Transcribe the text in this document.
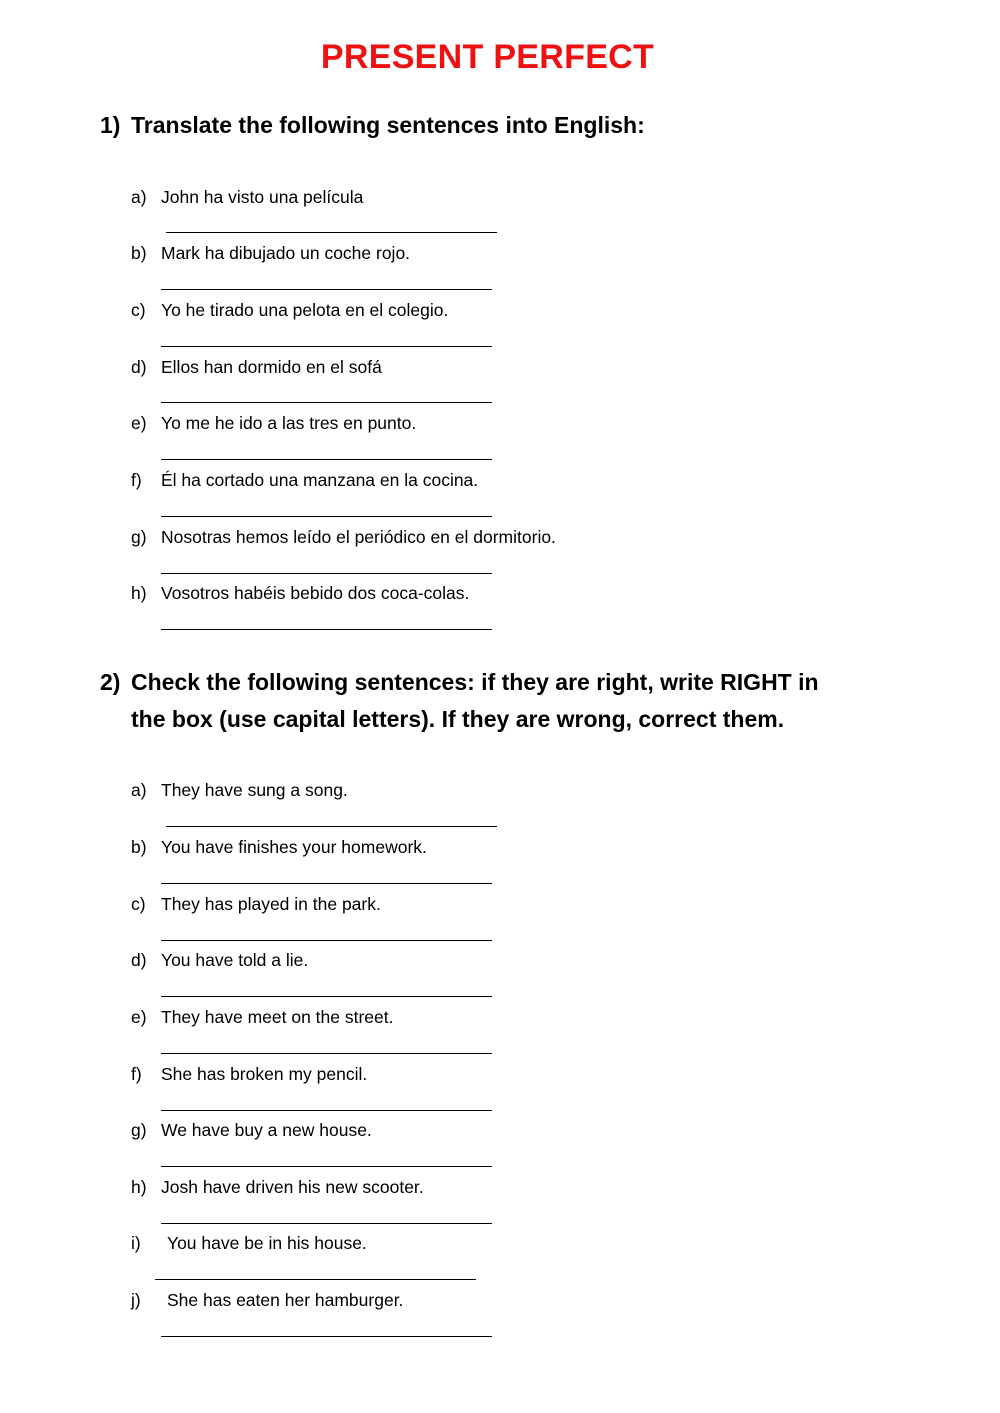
PRESENT PERFECT
1) Translate the following sentences into English:
a) John ha visto una película
b) Mark ha dibujado un coche rojo.
c) Yo he tirado una pelota en el colegio.
d) Ellos han dormido en el sofá
e) Yo me he ido a las tres en punto.
f) Él ha cortado una manzana en la cocina.
g) Nosotras hemos leído el periódico en el dormitorio.
h) Vosotros habéis bebido dos coca-colas.
2) Check the following sentences: if they are right, write RIGHT in the box (use capital letters). If they are wrong, correct them.
a) They have sung a song.
b) You have finishes your homework.
c) They has played in the park.
d) You have told a lie.
e) They have meet on the street.
f) She has broken my pencil.
g) We have buy a new house.
h) Josh have driven his new scooter.
i) You have be in his house.
j) She has eaten her hamburger.
